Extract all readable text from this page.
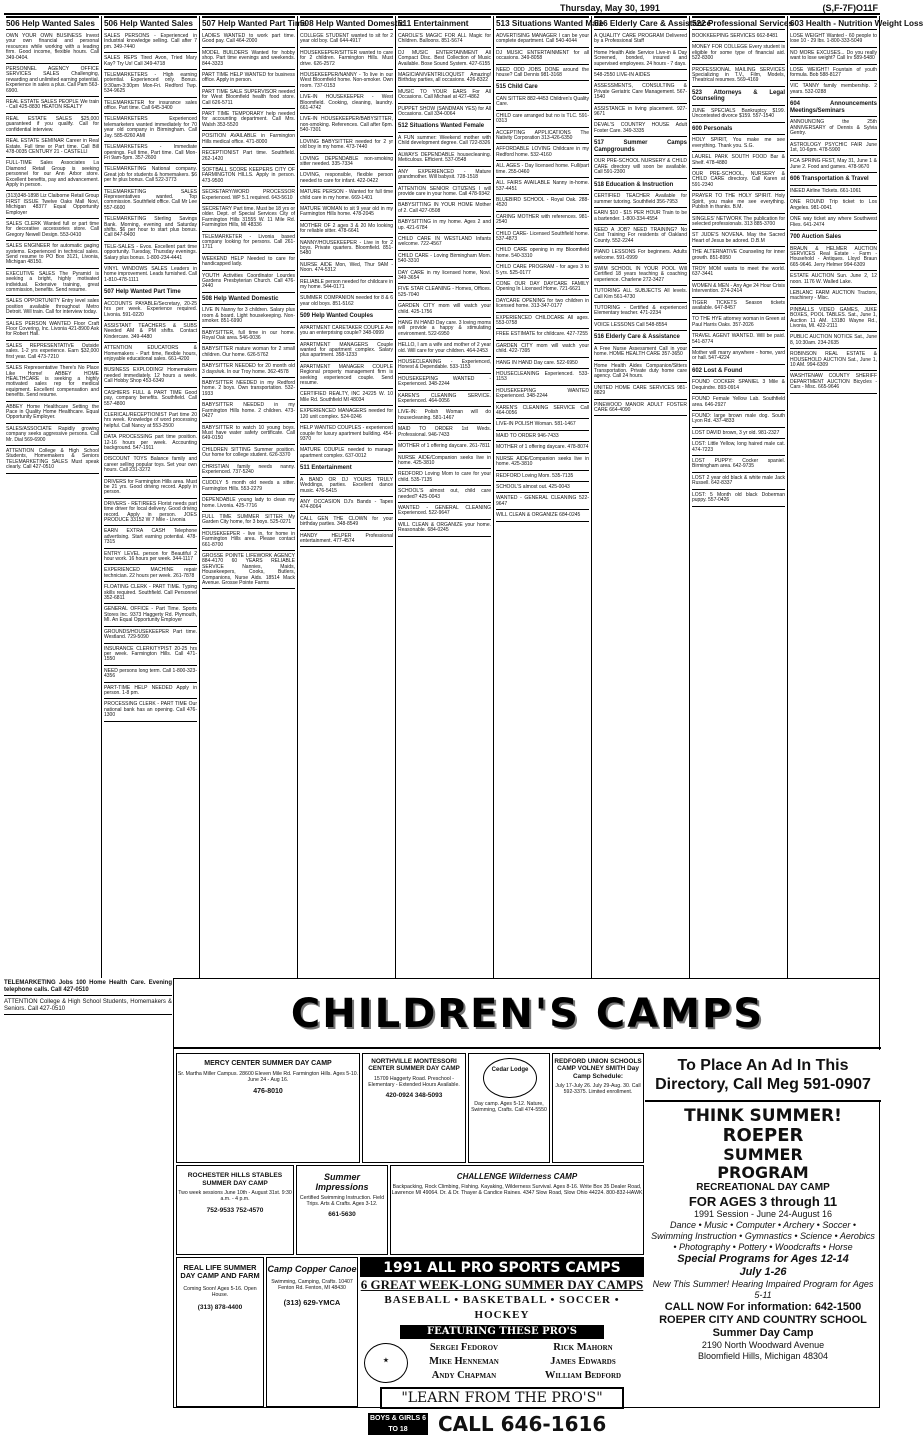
Thursday, May 30, 1991	(S,F-7F)O11F
506 Help Wanted Sales
OWN YOUR OWN BUSINESS Invest your own financial and personal resources while working with a leading firm. Good income, flexible hours. Call 349-0404.
PERSONNEL AGENCY OFFICE SERVICES SALES Challenging, rewarding and unlimited earning potential. Experience in sales a plus. Call Pam 563-6900.
REAL ESTATE SALES PEOPLE We train - Call 425-8830 HEATON REALTY
REAL ESTATE SALES $25,000 guaranteed if you qualify. Call for confidential interview.
REAL ESTATE SEMINAR Career in Real Estate. Full time or Part time. Call Bill 478-0035 CENTURY 21 - CASTELLI
FULL-TIME Sales Associates La Diamond Retail Group is seeking personnel for our Ann Arbor store. Excellent benefits, pay and advancement. Apply in person.
(313)348-1898 Liz Claiborne Retail Group FIRST ISSUE Twelve Oaks Mall Novi, Michigan 48377 Equal Opportunity Employer
SALES CLERK Wanted full or part time for decorative accessories store. Call Gregory Newell Design. 553-0410
SALES ENGINEER for automatic gaging systems. Experienced in technical sales. Send resume to PO Box 3121, Livonia, Michigan 48150.
EXECUTIVE SALES The Pyramid is seeking a bright, highly motivated individual. Extensive training, great commission, benefits. Send resume.
SALES OPPORTUNITY Entry level sales position available throughout Metro Detroit. Will train. Call for interview today.
SALES PERSON WANTED Floor Craft Floor Covering, Inc. Livonia 421-8900 Ask for Robert Hall.
SALES REPRESENTATIVE Outside sales. 1-2 yrs experience. Earn $32,000 first year. Call 473-7210
SALES Representative There's No Place Like Home! ABBEY HOME HEALTHCARE is seeking a highly motivated sales rep for medical equipment. Excellent compensation and benefits. Send resume.
ABBEY Home Healthcare Setting the Pace in Quality Home Healthcare. Equal Opportunity Employer.
SALES/ASSOCIATE Rapidly growing company seeks aggressive persons. Call Mr. Dial 569-6900
ATTENTION College & High School Students, Homemakers & Seniors TELEMARKETING SALES Must speak clearly. Call 427-0510
506 Help Wanted Sales
SALES PERSONS - Experienced in Industrial knowledge selling. Call after 7 pm. 349-7440
SALES REPS Tired Avon, Tried Mary Kay? Try Us! Call 349-4718
TELEMARKETERS - High earning potential. Experienced only. Bonus. 9:30am-3:30pm Mon-Fri. Redford Twp. 534-9625
TELEMARKETER for insurance sales office. Part time. Call 645-3400
TELEMARKETERS Experienced telemarketers wanted immediately for 70 year old company in Birmingham. Call Jay. 585-8260 AMI
TELEMARKETERS - Immediate openings. Full time, Part time. Call Mon-Fri 9am-5pm. 357-2600
TELEMARKETING National company. Great job for students & homemakers. $6 per hr plus bonus. Call 522-3773
TELEMARKETING SALES Representatives wanted. Top commission. Southfield office. Call Mr Lee 557-6600
TELEMARKETING Sterling Savings Bank. Morning, evening and Saturday shifts. $6 per hour to start plus bonus. Call 847-8400
TELE-SALES - Evos. Excellent part time opportunity. Tuesday, Thursday evenings. Salary plus bonus. 1-800-234-4441
VINYL WINDOWS SALES Leaders in home improvement. Leads furnished. Call 1-810-478-1111
507 Help Wanted Part Time
ACCOUNTS PAYABLE/Secretary, 20-25 hrs per week. Experience required. Livonia. 591-0220
ASSISTANT TEACHERS & SUBS Needed AM & PM shifts. Contact Kindercare. 349-4480
ATTENTION EDUCATORS & Homemakers - Part time, flexible hours, enjoyable educational sales. 661-4200
BUSINESS EXPLODING! Homemakers needed immediately. 12 hours a week. Call Hobby Shop 453-6349
CASHIERS FULL & PART TIME Good pay, company benefits. Southfield. Call 557-4800
CLERICAL/RECEPTIONIST Part time 20 hrs week. Knowledge of word processing helpful. Call Nancy at 553-2500
DATA PROCESSING part time position. 12-16 hours per week. Accounting background. 547-1911
DISCOUNT TOYS Balance family and career selling popular toys. Set your own hours. Call 231-3272
DRIVERS for Farmington Hills area. Must be 21 yrs. Good driving record. Apply in person.
DRIVERS - RETIREES Florist needs part time driver for local delivery. Good driving record. Apply in person. JOES PRODUCE 33152 W 7 Mile - Livonia
EARN EXTRA CASH Telephone advertising. Start earning potential. 478-7315
ENTRY LEVEL person for Beautiful 2 hour work. 16 hours per week. 344-1117
EXPERIENCED MACHINE repair technician. 22 hours per week. 261-7878
FLOATING CLERK - PART TIME. Typing skills required. Southfield. Call Personnel 352-6811
GENERAL OFFICE - Part Time. Sports Stores Inc. 9373 Haggerty Rd. Plymouth, MI. An Equal Opportunity Employer
GROUNDS/HOUSEKEEPER Part time. Westland. 729-5090
INSURANCE CLERK/TYPIST 20-25 hrs per week. Farmington Hills. Call 471-1550
NEED persons long term. Call 1-800-323-4356
PART-TIME HELP NEEDED Apply in person. 1-8 pm.
PROCESSING CLERK - PART TIME Our national bank has an opening. Call 476-1300
507 Help Wanted Part Time
LADIES WANTED to work part time. Good pay. Call 464-2000
MODEL BUILDERS Wanted for hobby shop. Part time evenings and weekends. 844-3323
PART TIME HELP WANTED for business office. Apply in person.
PART TIME SALE SUPERVISOR needed for West Bloomfield health food store. Call 626-5711
PART TIME TEMPORARY help needed for accounting department. Call Mrs. Walsh 353-5520
POSITION AVAILABLE in Farmington Hills medical office. 471-8000
RECEPTIONIST Part time. Southfield. 262-1420
SOFTBALL SCORE KEEPERS CITY OF FARMINGTON HILLS. Apply in person. 473-9500
SECRETARY/WORD PROCESSOR Experienced. WP 5.1 required. 643-5610
SECRETARY Part time. Must be 18 yrs or older. Dept. of Special Services City of Farmington Hills 31555 W. 11 Mile Rd. Farmington Hills, MI 48336
TELEMARKETER - Livonia based company looking for persons. Call 261-1711
WEEKEND HELP Needed to care for handicapped lady.
YOUTH Activities Coordinator Lourdes Gardens Presbyterian Church. Call 476-2440
508 Help Wanted Domestic
LIVE IN Nanny for 3 children. Salary plus room & board. Light housekeeping. Non-smoker. 851-6990
BABYSITTER, full time in our home. Royal Oak area. 546-0036
BABYSITTER mature woman for 2 small children. Our home. 626-5762
BABYSITTER NEEDED for 20 month old 3 days/wk. In our Troy home. 362-4578
BABYSITTER NEEDED in my Redford home. 2 boys. Own transportation. 532-1933
BABYSITTER NEEDED in my Farmington Hills home. 2 children. 473-0427
BABYSITTER to watch 10 young boys. Must have water safety certificate. Call 649-0150
CHILDREN SITTING Summer position. Our home for college student. 626-3370
CHRISTIAN family needs nanny. Experienced. 737-5240
CUDDLY 5 month old needs a sitter. Farmington Hills. 553-2279
DEPENDABLE young lady to clean my home. Livonia. 425-7716
FULL TIME SUMMER SITTER My Garden City home, for 3 boys. 525-0271
HOUSEKEEPER - live in, for home in Farmington Hills area. Please contact 661-8700
GROSSE POINTE LIFEWORK AGENCY 884-4170 60 YEARS RELIABLE SERVICE Nannies, Maids, Housekeepers, Cooks, Butlers, Companions, Nurse Aids. 18514 Mack Avenue. Grosse Pointe Farms
508 Help Wanted Domestic
COLLEGE STUDENT wanted to sit for 2 year old boy. Call 644-4917
HOUSEKEEPER/SITTER wanted to care for 2 children. Farmington Hills. Must drive. 626-2572
HOUSEKEEPER/NANNY - To live in our West Bloomfield home. Non-smoker. Own room. 737-0153
LIVE-IN HOUSEKEEPER - West Bloomfield. Cooking, cleaning, laundry. 661-4742
LIVE-IN HOUSEKEEPER/BABYSITTER, non-smoking. References. Call after 6pm. 540-7301
LOVING BABYSITTER needed for 2 yr old boy in my home. 473-7440
LOVING DEPENDABLE non-smoking sitter needed. 335-7334
LOVING, responsible, flexible person needed to care for infant. 422-0422
MATURE PERSON - Wanted for full time child care in my home. 669-1401
MATURE WOMAN to sit 9 year old in my Farmington Hills home. 478-2045
MOTHER OF 2 ages 3 & 20 Mo looking for reliable sitter. 478-6641
NANNY/HOUSEKEEPER - Live in for 2 boys. Private quarters. Bloomfield. 851-5480
NURSE AIDE Mon, Wed, Thur 9AM - Noon. 474-5312
RELIABLE person needed for childcare in my home. 544-0171
SUMMER COMPANION needed for 8 & 6 year old boys. 851-5162
509 Help Wanted Couples
APARTMENT CARETAKER COUPLE Are you an enterprising couple? 348-0999
APARTMENT MANAGERS Couple wanted for apartment complex. Salary plus apartment. 358-1233
APARTMENT MANAGER COUPLE Regional property management firm is seeking experienced couple. Send resume.
CERTIFIED REALTY, INC 24225 W. 10 Mile Rd. Southfield MI 48034
EXPERIENCED MANAGERS needed for 120 unit complex. 524-0246
HELP WANTED COUPLES - experienced couple for luxury apartment building. 454-9370
MATURE COUPLE needed to manage apartment complex. 637-0012
511 Entertainment
A BAND OR DJ YOURS TRULY Weddings, parties. Excellent dance music. 476-5415
ANY OCCASION DJ's Bands - Tapes 474-8064
CALL GEN THE CLOWN for your birthday parties. 348-8549
HANDY HELPER Professional entertainment. 477-4574
511 Entertainment
CAROLE'S MAGIC FOR ALL Magic for Children. Balloons. 851-5674
DJ MUSIC ENTERTAINMENT All Compact Disc. Best Collection of Music Available. Bose Sound System. 427-6155
MAGICIAN/VENTRILOQUIST Amazing! Birthday parties, all occasions. 426-8322
MUSIC TO YOUR EARS For All Occasions. Call Michael at 427-4862
PUPPET SHOW (SANDMAN YES) for All Occasions. Call 334-0064
512 Situations Wanted Female
A FUN summer: Weekend mother with Child development degree. Call 722-8326
ALWAYS DEPENDABLE housecleaning. Meticulous. Efficient. 537-0548
ANY EXPERIENCED - Mature grandmother. Will babysit. 728-1518
ATTENTION SENIOR CITIZENS I will provide care in your home. Call 478-9342
BABYSITTING IN YOUR HOME Mother of 2. Call 427-0508
BABYSITTING in my home. Ages 2 and up. 421-6784
CHILD CARE IN WESTLAND Infants welcome. 722-4567
CHILD CARE - Loving Birmingham Mom. 540-3310
DAY CARE in my licensed home, Novi. 349-3654
FIVE STAR CLEANING - Homes, Offices. 525-7040
GARDEN CITY mom will watch your child. 425-1756
HANG IN HAND Day care. 3 loving moms will provide a happy & stimulating environment. 522-6950
HELLO, I am a wife and mother of 2 year old. Will care for your children. 464-2453
HOUSECLEANING - Experienced, Honest & Dependable. 533-1153
HOUSEKEEPING WANTED - Experienced. 348-2244
KAREN'S CLEANING SERVICE. Experienced. 464-0056
LIVE-IN: Polish Woman will do housecleaning. 581-1467
MAID TO ORDER 1st Weds. Professional. 946-7433
MOTHER of 1 offering daycare. 261-7811
NURSE AIDE/Companion seeks live in home. 425-3810
REDFORD Loving Mom to care for your child. 535-7135
SCHOOL'S almost out, child care needed? 425-0043
WANTED - GENERAL CLEANING Experienced. 522-9647
WILL CLEAN & ORGANIZE your home. Reasonable. 684-0245
513 Situations Wanted Male
ADVERTISING MANAGER I can be your complete department. Call 540-4044
DJ MUSIC ENTERTAINMENT for all occasions. 349-8058
NEED ODD JOBS DONE around the house? Call Dennis 981-3168
515 Child Care
CAN SITTER 882-4453 Children's Quality Care.
CHILD care arranged but no is TLC. 591-0313
ACCEPTING APPLICATIONS The Nativity Corporation 313-426-6350
AFFORDABLE LOVING Childcare in my Redford home. 532-4160
ALL AGES - Day licensed home. Full/part time. 255-0460
ALL FAIRS AVAILABLE Nanny in-home. 537-4451
BLUEBIRD SCHOOL - Royal Oak. 288-4520
CARING MOTHER with references. 981-2540
CHILD CARE- Licensed Southfield home. 537-4873
CHILD CARE opening in my Bloomfield home. 540-3310
CHILD CARE PROGRAM - for ages 3 to 5 yrs. 525-0177
CONE OUR DAY DAYCARE FAMILY Opening In Licensed Home. 721-6621
DAYCARE OPENING for two children in licensed home. 313-347-0177
EXPERIENCED CHILDCARE All ages. 553-0758
FREE ESTIMATE for childcare. 427-7255
GARDEN CITY mom will watch your child. 422-7395
HANG IN HAND Day care. 522-6950
HOUSECLEANING Experienced. 533-1153
HOUSEKEEPING WANTED Experienced. 348-2244
KAREN'S CLEANING SERVICE Call 464-0056
LIVE-IN POLISH Woman. 581-1467
MAID TO ORDER 946-7433
MOTHER of 1 offering daycare. 478-8074
NURSE AIDE/Companion seeks live in home. 425-3810
REDFORD Loving Mom. 535-7135
SCHOOL'S almost out. 425-0043
WANTED - GENERAL CLEANING 522-9647
WILL CLEAN & ORGANIZE 684-0245
516 Elderly Care & Assistance
A QUALITY CARE PROGRAM Delivered by a Professional Staff
Home Health Aide Service Live-in & Day Screened, bonded, insured and supervised employees. 24 hours - 7 days.
548-2550 LIVE-IN AIDES
ASSESSMENTS, CONSULTING & Private Geriatric Care Management. 567-1540
ASSISTANCE in living placement. 927-9671
DEVAL'S COUNTRY HOUSE Adult Foster Care. 349-3335
517 Summer Camps Campgrounds
OUR PRE-SCHOOL NURSERY & CHILD CARE directory will soon be available. Call 591-2300
518 Education & Instruction
CERTIFIED TEACHER Available for summer tutoring. Southfield 356-7953
EARN $10 - $15 PER HOUR Train to be a bartender. 1-800-334-4554
NEED A JOB? NEED TRAINING? No Cost Training For residents of Oakland County. 552-2244
PIANO LESSONS For beginners. Adults welcome. 591-0999
SWIM SCHOOL IN YOUR POOL Will Certified 18 years teaching & coaching experience. Charlene 272-3427
TUTORING ALL SUBJECTS All levels. Call Kim 561-4730
TUTORING - Certified & experienced Elementary teacher. 471-2234
VOICE LESSONS Call 548-8554
516 Elderly Care & Assistance
A Free Nurse Assessment Call in your home. HOME HEALTH CARE 357-3650
Home Health Aides Companion/Sitters Transportation. Private duty home care agency. Call 24 hours.
UNITED HOME CARE SERVICES 981-8829
PINEWOOD MANOR ADULT FOSTER CARE 664-4090
522 Professional Services
BOOKKEEPING SERVICES 662-8481
MONEY FOR COLLEGE Every student is eligible for some type of financial aid. 522-8300
PROFESSIONAL MAILING SERVICES Specializing in T.V., Film, Models, Theatrical resumes. 569-4169
523 Attorneys & Legal Counseling
JUNE SPECIALS Bankruptcy $199. Uncontested divorce $159. 557-1540
600 Personals
HOLY SPIRIT, You make me see everything. Thank you. S.G.
LAUREL PARK SOUTH FOOD Bar & Shelf. 478-4880
OUR PRE-SCHOOL, NURSERY & CHILD CARE directory. Call Karen at 591-2340
PRAYER TO THE HOLY SPIRIT. Holy Spirit, you make me see everything. Publish in thanks. B.M.
SINGLES' NETWORK The publication for selected professionals. 313 885-3700
ST JUDE'S NOVENA. May the Sacred Heart of Jesus be adored. D.B.M
THE ALTERNATIVE Counseling for inner growth. 851-8950
TROY MOM wants to meet the world. 637-3441
WOMEN & MEN - Any Age 24 Hour Crisis Intervention. 274-2414
TIGER TICKETS Season tickets available. 647-8457
TO THE HYE attorney woman in Green at Paul Harris Oaks. 357-2026
TRAVEL AGENT WANTED. Will be paid. 541-8774
Mother will marry anywhere - home, yard or hall. 547-4224
602 Lost & Found
FOUND COCKER SPANIEL 3 Mile & Dequindre. 893-0914
FOUND Female Yellow Lab. Southfield area. 646-2927
FOUND: large brown male dog. South Lyon Rd. 437-4833
LOST DAVID brown, 3 yr old. 981-2327
LOST: Little Yellow, long haired male cat. 474-7223
LOST PUPPY: Cocker spaniel. Birmingham area. 642-9735
LOST 2 year old black & white male Jack Russell. 642-8337
LOST: 5 Month old black Doberman puppy. 557-0426
603 Health - Nutrition Weight Loss
LOSE WEIGHT Wanted - 60 people to lose 10 - 29 lbs. 1-800-333-5049
NO MORE EXCUSES... Do you really want to lose weight? Call Irv 589-5480
LOSE WEIGHT! Fountain of youth formula. Bob 588-8127
VIC TANNY family membership. 2 years. 532-0288
604 Announcements Meetings/Seminars
ANNOUNCING the 25th ANNIVERSARY of Dennis & Sylvia Gentry.
ASTROLOGY PSYCHIC FAIR June 1st, 10-6pm. 478-5900
FCA SPRING FEST, May 31, June 1 & June 2. Food and games. 478-9670
606 Transportation & Travel
INEED Airline Tickets. 661-1061
ONE ROUND Trip ticket to Los Angeles. 981-0041
ONE way ticket any where Southwest Flies. 641-2474
700 Auction Sales
BRAUN & HELMER AUCTION SERVICES Real Estate - Farm - Household - Antiques. Lloyd Braun 665-9646. Jerry Helmer 994-6309
ESTATE AUCTION Sun. June 2, 12 noon. 1176 W. Walled Lake.
LEBLANC FARM AUCTION Tractors, machinery - Misc.
PINBALLS VIDEO GAMES, JUKE BOXES, POOL TABLES. Sat., June 1, Auction 11 AM. 13180 Wayne Rd., Livonia, MI. 422-2111
PUBLIC AUCTION NOTICE Sat., June 8, 10:30am. 234-2635
ROBINSON REAL ESTATE & HOUSEHOLD AUCTION Sat., June 1, 10 AM. 994-6309
WASHTENAW COUNTY SHERIFF DEPARTMENT AUCTION Bicycles - Cars - Misc. 665-9646
TELEMARKETING Jobs 100 Home Health Care. Evening telephone calls. Call 427-0510
ATTENTION College & High School Students, Homemakers & Seniors. Call 427-0510	CHILDREN'S CAMPS
MERCY CENTER SUMMER DAY CAMP
Sr. Martha Miller Campus. 28600 Eleven Mile Rd. Farmington Hills. Ages 5-10. June 24 - Aug 16.
476-8010
NORTHVILLE MONTESSORI CENTER SUMMER DAY CAMP
15709 Haggerty Road. Preschool - Elementary - Extended Hours Available.
420-0924 348-5093
Cedar Lodge
Day camp. Ages 5-12. Nature, Swimming, Crafts. Call 474-5550
REDFORD UNION SCHOOLS CAMP VOLNEY SMITH Day Camp Schedule:
July 17-July 26. July 29-Aug. 30. Call 592-3375. Limited enrollment.
ROCHESTER HILLS STABLES SUMMER DAY CAMP
Two week sessions June 10th - August 31st. 9:30 a.m. - 4 p.m.
752-9533 752-4570
Summer Impressions
Certified Swimming Instruction. Field Trips. Arts & Crafts. Ages 3-12.
661-5630
CHALLENGE Wilderness CAMP
Backpacking, Rock Climbing, Fishing. Kayaking, Wilderness Survival. Ages 8-16. Write Box 35 Dealer Road, Lawrence MI 49064. Dr. & Dr. Thayer & Candice Raines. 4347 Slow Road, Slow Ohio 44224. 800-832-HAWK
REAL LIFE SUMMER DAY CAMP AND FARM
Coming Soon! Ages 5-16. Open House.
(313) 878-4400
Camp Copper Canoe
Swimming, Camping, Crafts. 10407 Fenton Rd. Fenton, MI 48430
(313) 629-YMCA
1991 ALL PRO SPORTS CAMPS
6 GREAT WEEK-LONG SUMMER DAY CAMPS
BASEBALL • BASKETBALL • SOCCER • HOCKEY
FEATURING THESE PRO'S
★
Sergei Fedorov
Mike Henneman
Andy Chapman
Rick Mahorn
James Edwards
William Bedford
"LEARN FROM THE PRO'S"
BOYS & GIRLS 6 TO 18	CALL 646-1616
To Place An Ad In This
Directory, Call Meg 591-0907
THINK SUMMER!
ROEPER
SUMMER
PROGRAM
RECREATIONAL DAY CAMP
FOR AGES 3 through 11
1991 Session - June 24-August 16
Dance • Music • Computer • Archery • Soccer • Swimming Instruction • Gymnastics • Science • Aerobics • Photography • Pottery • Woodcrafts • Horse
Special Programs for Ages 12-14
July 1-26
New This Summer! Hearing Impaired Program for Ages 5-11
CALL NOW For information: 642-1500
ROEPER CITY AND COUNTRY SCHOOL
Summer Day Camp
2190 North Woodward Avenue
Bloomfield Hills, Michigan 48304
